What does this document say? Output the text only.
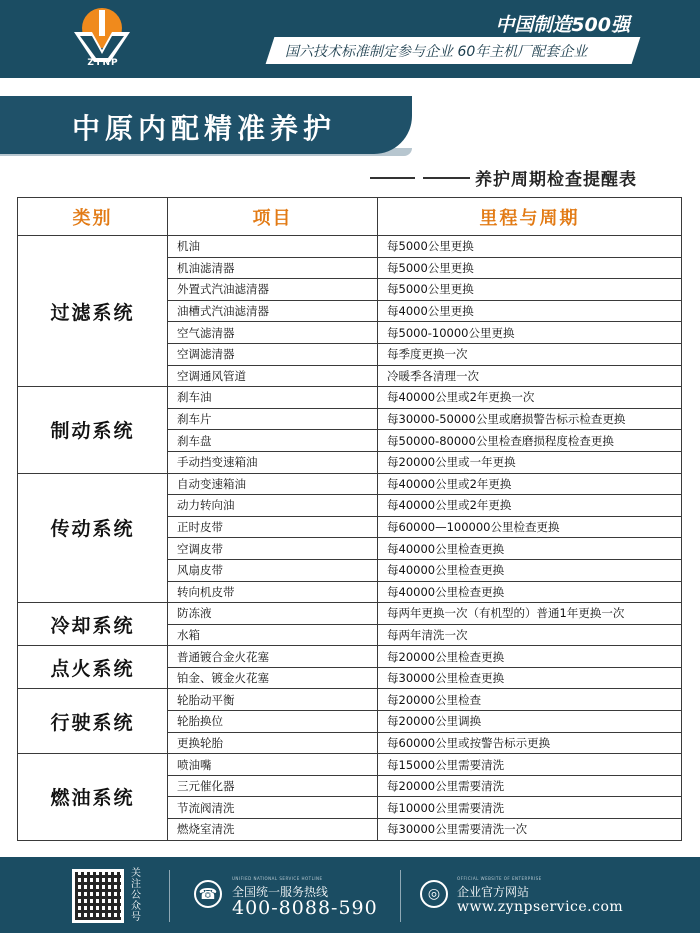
ZYNP
中国制造500强
国六技术标准制定参与企业 60年主机厂配套企业
中原内配精准养护
养护周期检查提醒表
类别	项目	里程与周期
过滤系统	机油	每5000公里更换
	机油滤清器	每5000公里更换
	外置式汽油滤清器	每5000公里更换
	油槽式汽油滤清器	每4000公里更换
	空气滤清器	每5000-10000公里更换
	空调滤清器	每季度更换一次
	空调通风管道	冷暖季各清理一次
制动系统	刹车油	每40000公里或2年更换一次
	刹车片	每30000-50000公里或磨损警告标示检查更换
	刹车盘	每50000-80000公里检查磨损程度检查更换
	手动挡变速箱油	每20000公里或一年更换
传动系统	自动变速箱油	每40000公里或2年更换
	动力转向油	每40000公里或2年更换
	正时皮带	每60000—100000公里检查更换
	空调皮带	每40000公里检查更换
	风扇皮带	每40000公里检查更换
	转向机皮带	每40000公里检查更换
冷却系统	防冻液	每两年更换一次（有机型的）普通1年更换一次
	水箱	每两年清洗一次
点火系统	普通镀合金火花塞	每20000公里检查更换
	铂金、镀金火花塞	每30000公里检查更换
行驶系统	轮胎动平衡	每20000公里检查
	轮胎换位	每20000公里调换
	更换轮胎	每60000公里或按警告标示更换
燃油系统	喷油嘴	每15000公里需要清洗
	三元催化器	每20000公里需要清洗
	节流阀清洗	每10000公里需要清洗
	燃烧室清洗	每30000公里需要清洗一次
关注公众号
UNIFIED NATIONAL SERVICE HOTLINE
☎	全国统一服务热线
400-8088-590
OFFICIAL WEBSITE OF ENTERPRISE
◎	企业官方网站
www.zynpservice.com
